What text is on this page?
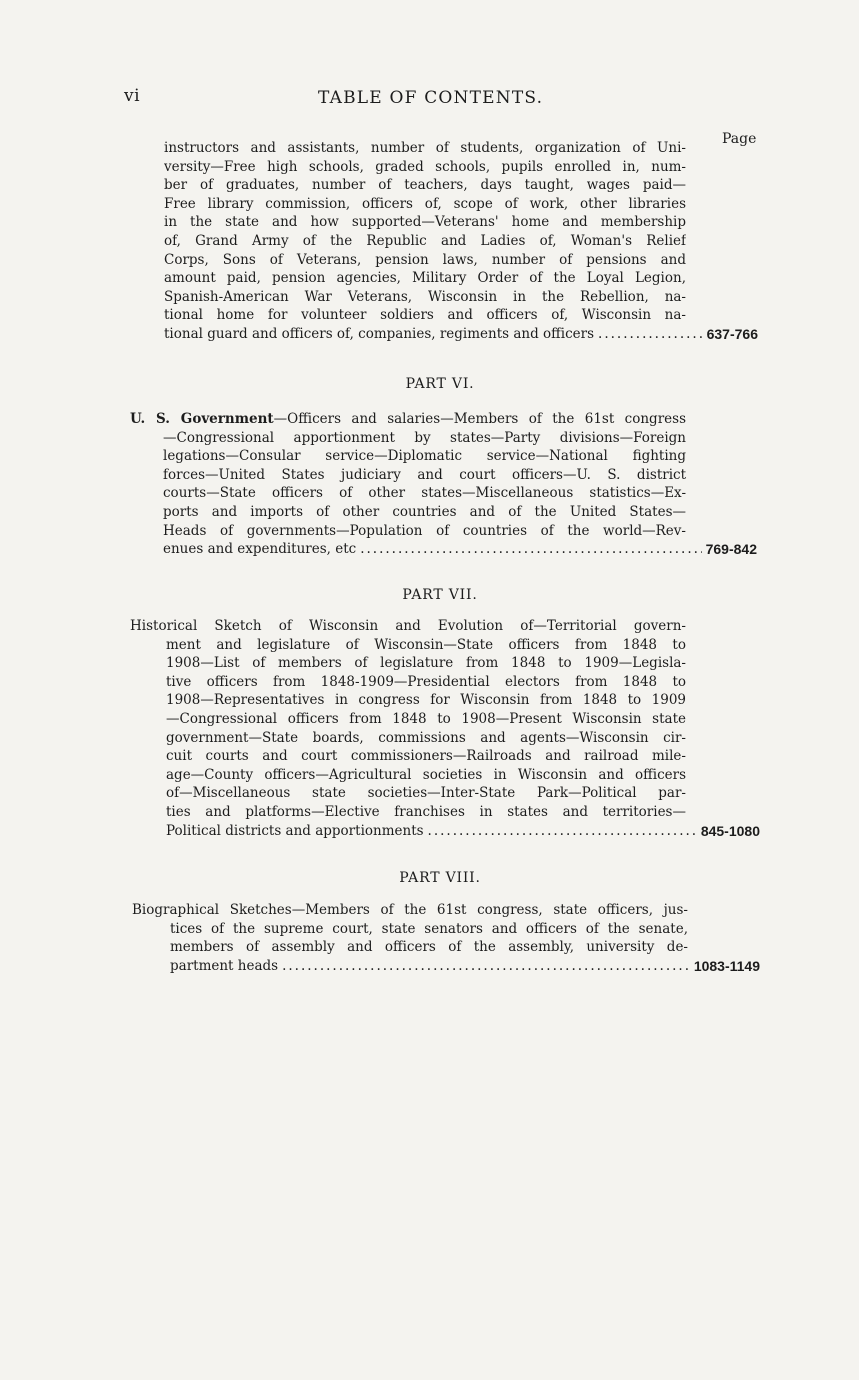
vi	TABLE OF CONTENTS.
Page
instructors and assistants, number of students, organization of Uni-
versity—Free high schools, graded schools, pupils enrolled in, num-
ber of graduates, number of teachers, days taught, wages paid—
Free library commission, officers of, scope of work, other libraries
in the state and how supported—Veterans' home and membership
of, Grand Army of the Republic and Ladies of, Woman's Relief
Corps, Sons of Veterans, pension laws, number of pensions and
amount paid, pension agencies, Military Order of the Loyal Legion,
Spanish-American War Veterans, Wisconsin in the Rebellion, na-
tional home for volunteer soldiers and officers of, Wisconsin na-
tional guard and officers of, companies, regiments and officers .....	637-766
PART VI.
U. S. Government—Officers and salaries—Members of the 61st congress
—Congressional apportionment by states—Party divisions—Foreign
legations—Consular service—Diplomatic service—National fighting
forces—United States judiciary and court officers—U. S. district
courts—State officers of other states—Miscellaneous statistics—Ex-
ports and imports of other countries and of the United States—
Heads of governments—Population of countries of the world—Rev-
enues and expenditures, etc .....	769-842
PART VII.
Historical Sketch of Wisconsin and Evolution of—Territorial govern-
ment and legislature of Wisconsin—State officers from 1848 to
1908—List of members of legislature from 1848 to 1909—Legisla-
tive officers from 1848-1909—Presidential electors from 1848 to
1908—Representatives in congress for Wisconsin from 1848 to 1909
—Congressional officers from 1848 to 1908—Present Wisconsin state
government—State boards, commissions and agents—Wisconsin cir-
cuit courts and court commissioners—Railroads and railroad mile-
age—County officers—Agricultural societies in Wisconsin and officers
of—Miscellaneous state societies—Inter-State Park—Political par-
ties and platforms—Elective franchises in states and territories—
Political districts and apportionments .....	845-1080
PART VIII.
Biographical Sketches—Members of the 61st congress, state officers, jus-
tices of the supreme court, state senators and officers of the senate,
members of assembly and officers of the assembly, university de-
partment heads .....	1083-1149
